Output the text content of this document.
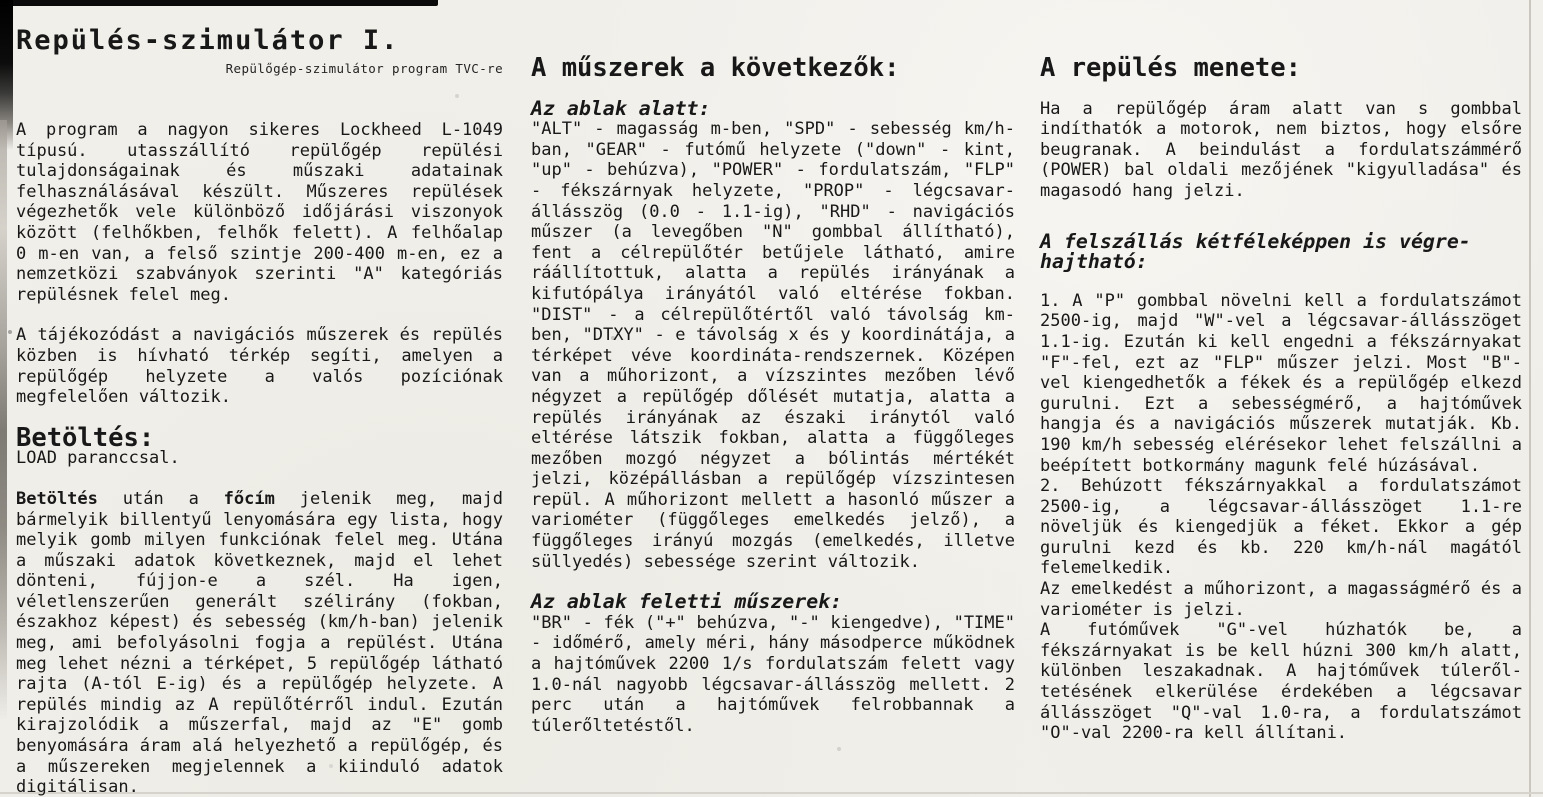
Repülés-szimulátor I.
Repülőgép-szimulátor program TVC-re

A program a nagyon sikeres Lockheed L-1049 típusú. utasszállító repülőgép repülési tulajdonságainak és műszaki adatainak felhasználásával készült. Műszeres repülések végezhetők vele különböző időjárási viszonyok között (felhőkben, felhők felett). A felhőalap 0 m-en van, a felső szintje 200-400 m-en, ez a nemzetközi szabványok szerinti "A" kategóriás repülésnek felel meg.

A tájékozódást a navigációs műszerek és repülés közben is hívható térkép segíti, amelyen a repülőgép helyzete a valós pozíciónak megfelelően változik.

Betöltés:

LOAD paranccsal.

Betöltés után a főcím jelenik meg, majd bármelyik billentyű lenyomására egy lista, hogy melyik gomb milyen funkciónak felel meg. Utána a műszaki adatok következnek, majd el lehet dönteni, fújjon-e a szél. Ha igen, véletlenszerűen generált szélirány (fokban, északhoz képest) és sebesség (km/h-ban) jelenik meg, ami befolyásolni fogja a repülést. Utána meg lehet nézni a térképet, 5 repülőgép látható rajta (A-tól E-ig) és a repülőgép helyzete. A repülés mindig az A repülőtérről indul. Ezután kirajzolódik a műszerfal, majd az "E" gomb benyomására áram alá helyezhető a repülőgép, és a műszereken megjelennek a kiinduló adatok digitálisan.

A műszerek a következők:
Az ablak alatt:

"ALT" - magasság m-ben, "SPD" - sebesség km/h-ban, "GEAR" - futómű helyzete ("down" - kint, "up" - behúzva), "POWER" - fordulatszám, "FLP" - fékszárnyak helyzete, "PROP" - légcsavar-állásszög (0.0 - 1.1-ig), "RHD" - navigációs műszer (a levegőben "N" gombbal állítható), fent a célrepülőtér betűjele látható, amire ráállítottuk, alatta a repülés irányának a kifutópálya irányától való eltérése fokban. "DIST" - a célrepülőtértől való távolság km-ben, "DTXY" - e távolság x és y koordinátája, a térképet véve koordináta-rendszernek. Középen van a műhorizont, a vízszintes mezőben lévő négyzet a repülőgép dőlését mutatja, alatta a repülés irányának az északi iránytól való eltérése látszik fokban, alatta a függőleges mezőben mozgó négyzet a bólintás mértékét jelzi, középállásban a repülőgép vízszintesen repül. A műhorizont mellett a hasonló műszer a variométer (függőleges emelkedés jelző), a függőleges irányú mozgás (emelkedés, illetve süllyedés) sebessége szerint változik.

Az ablak feletti műszerek:

"BR" - fék ("+" behúzva, "-" kiengedve), "TIME" - időmérő, amely méri, hány másodperce működnek a hajtóművek 2200 1/s fordulatszám felett vagy 1.0-nál nagyobb légcsavar-állásszög mellett. 2 perc után a hajtóművek felrobbannak a túlerőltetéstől.

A repülés menete:

Ha a repülőgép áram alatt van s gombbal indíthatók a motorok, nem biztos, hogy elsőre beugranak. A beindulást a fordulatszámmérő (POWER) bal oldali mezőjének "kigyulladása" és magasodó hang jelzi.

A felszállás kétféleképpen is végre-
hajtható:

1. A "P" gombbal növelni kell a fordulatszámot 2500-ig, majd "W"-vel a légcsavar-állásszöget 1.1-ig. Ezután ki kell engedni a fékszárnyakat "F"-fel, ezt az "FLP" műszer jelzi. Most "B"-vel kiengedhetők a fékek és a repülőgép elkezd gurulni. Ezt a sebességmérő, a hajtóművek hangja és a navigációs műszerek mutatják. Kb. 190 km/h sebesség elérésekor lehet felszállni a beépített botkormány magunk felé húzásával.

2. Behúzott fékszárnyakkal a fordulatszámot 2500-ig, a légcsavar-állásszöget 1.1-re növeljük és kiengedjük a féket. Ekkor a gép gurulni kezd és kb. 220 km/h-nál magától felemelkedik.

Az emelkedést a műhorizont, a magasságmérő és a variométer is jelzi.

A futóművek "G"-vel húzhatók be, a fékszárnyakat is be kell húzni 300 km/h alatt, különben leszakadnak. A hajtóművek túleről- tetésének elkerülése érdekében a légcsavar állásszöget "Q"-val 1.0-ra, a fordulatszámot "O"-val 2200-ra kell állítani.
